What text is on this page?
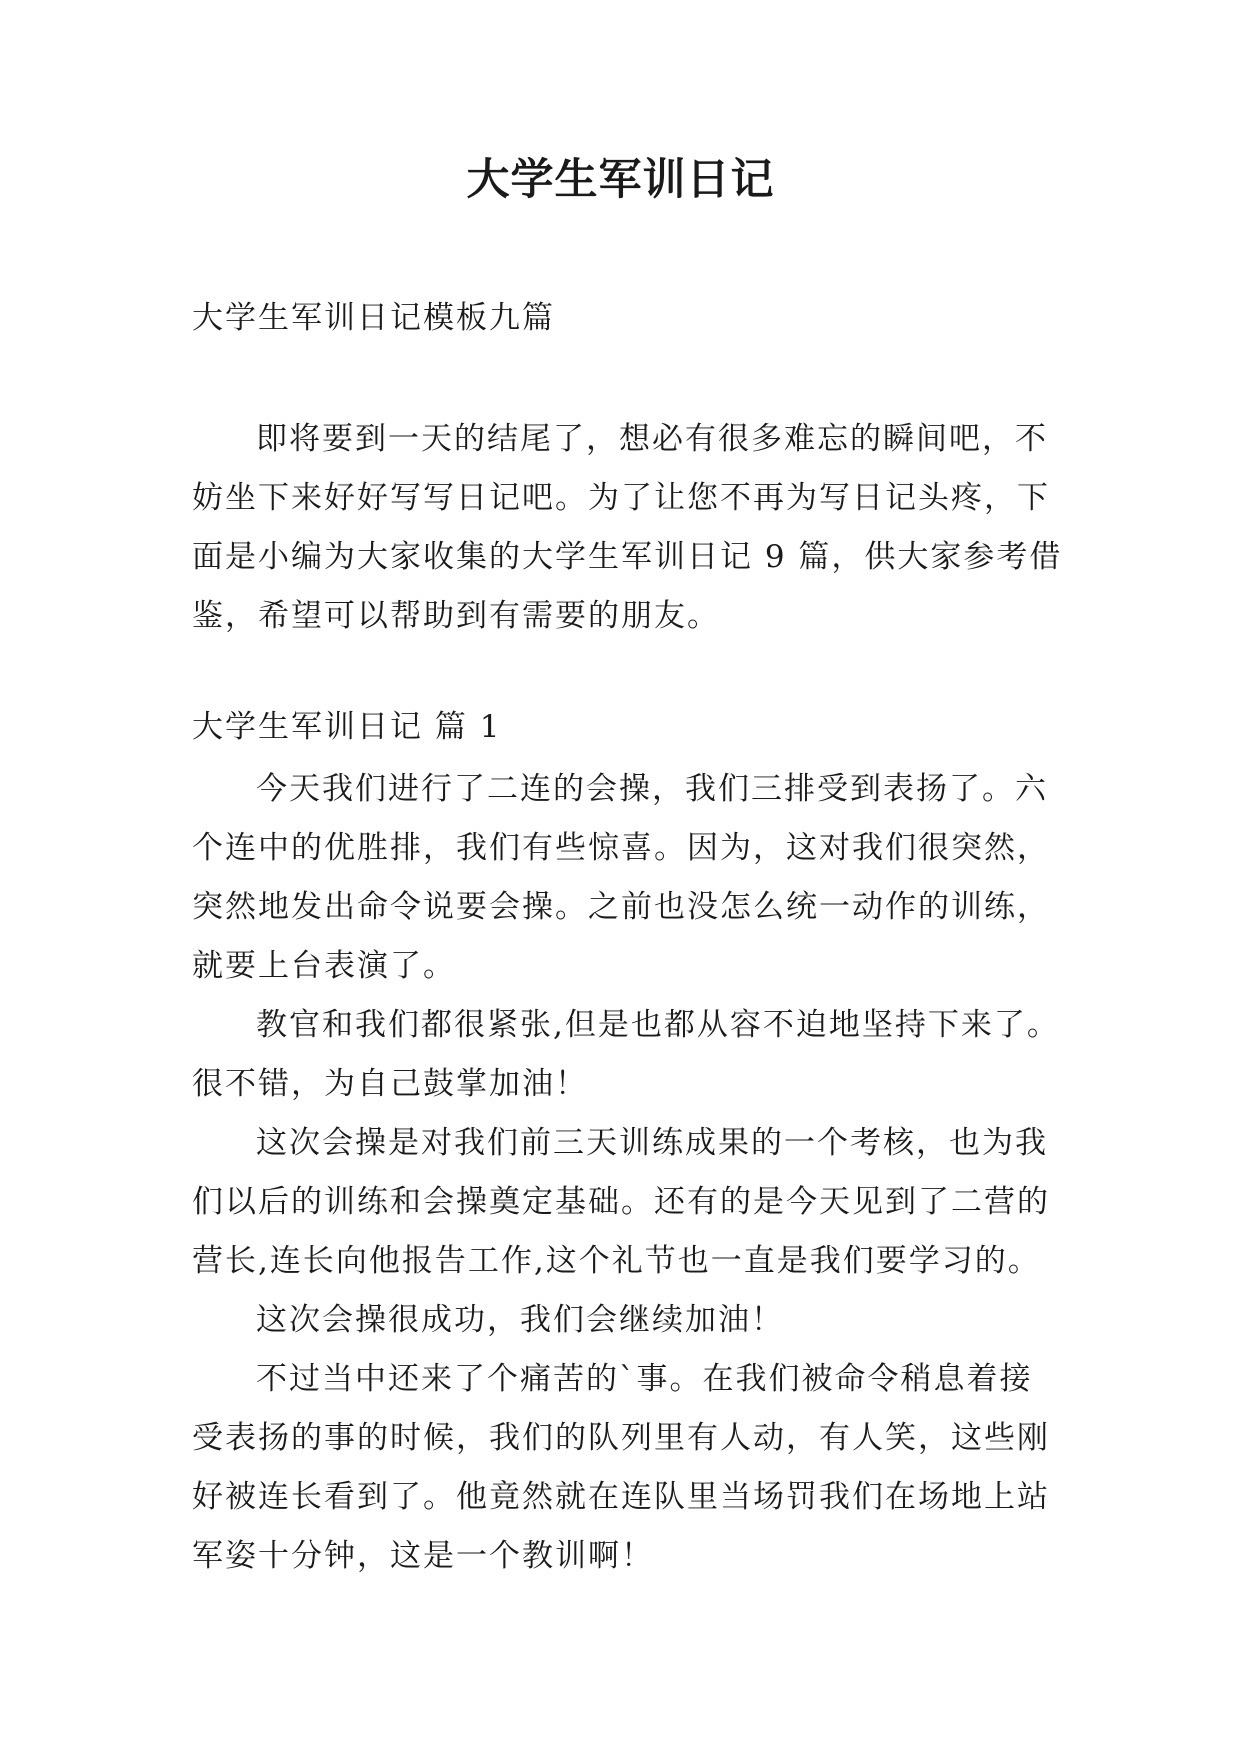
大学生军训日记
大学生军训日记模板九篇
即将要到一天的结尾了，想必有很多难忘的瞬间吧，不
妨坐下来好好写写日记吧。为了让您不再为写日记头疼，下
面是小编为大家收集的大学生军训日记 9 篇，供大家参考借
鉴，希望可以帮助到有需要的朋友。
大学生军训日记 篇 1
今天我们进行了二连的会操，我们三排受到表扬了。六
个连中的优胜排，我们有些惊喜。因为，这对我们很突然，
突然地发出命令说要会操。之前也没怎么统一动作的训练，
就要上台表演了。
教官和我们都很紧张,但是也都从容不迫地坚持下来了。
很不错，为自己鼓掌加油！
这次会操是对我们前三天训练成果的一个考核，也为我
们以后的训练和会操奠定基础。还有的是今天见到了二营的
营长,连长向他报告工作,这个礼节也一直是我们要学习的。
这次会操很成功，我们会继续加油！
不过当中还来了个痛苦的`事。在我们被命令稍息着接
受表扬的事的时候，我们的队列里有人动，有人笑，这些刚
好被连长看到了。他竟然就在连队里当场罚我们在场地上站
军姿十分钟，这是一个教训啊！
